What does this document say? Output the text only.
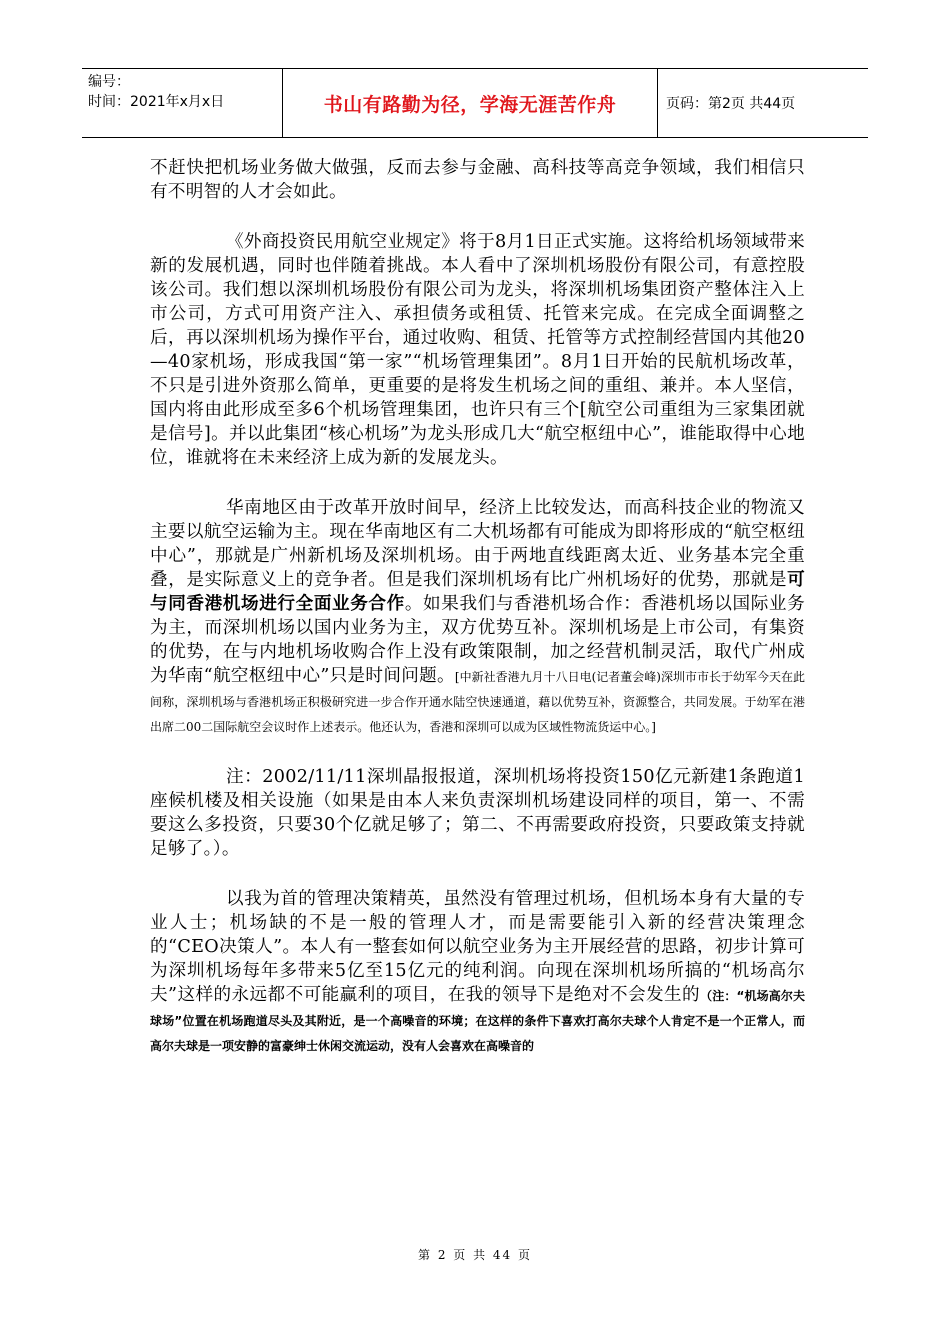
编号：
时间：2021年x月x日	书山有路勤为径，学海无涯苦作舟	页码：第2页 共44页

不赶快把机场业务做大做强，反而去参与金融、高科技等高竞争领域，我们相信只有不明智的人才会如此。

《外商投资民用航空业规定》将于8月1日正式实施。这将给机场领域带来新的发展机遇，同时也伴随着挑战。本人看中了深圳机场股份有限公司，有意控股该公司。我们想以深圳机场股份有限公司为龙头，将深圳机场集团资产整体注入上市公司，方式可用资产注入、承担债务或租赁、托管来完成。在完成全面调整之后，再以深圳机场为操作平台，通过收购、租赁、托管等方式控制经营国内其他20—40家机场，形成我国“第一家”“机场管理集团”。8月1日开始的民航机场改革，不只是引进外资那么简单，更重要的是将发生机场之间的重组、兼并。本人坚信，国内将由此形成至多6个机场管理集团，也许只有三个[航空公司重组为三家集团就是信号]。并以此集团“核心机场”为龙头形成几大“航空枢纽中心”，谁能取得中心地位，谁就将在未来经济上成为新的发展龙头。

华南地区由于改革开放时间早，经济上比较发达，而高科技企业的物流又主要以航空运输为主。现在华南地区有二大机场都有可能成为即将形成的“航空枢纽中心”，那就是广州新机场及深圳机场。由于两地直线距离太近、业务基本完全重叠，是实际意义上的竞争者。但是我们深圳机场有比广州机场好的优势，那就是可与同香港机场进行全面业务合作。如果我们与香港机场合作：香港机场以国际业务为主，而深圳机场以国内业务为主，双方优势互补。深圳机场是上市公司，有集资的优势，在与内地机场收购合作上没有政策限制，加之经营机制灵活，取代广州成为华南“航空枢纽中心”只是时间问题。[中新社香港九月十八日电(记者董会峰)深圳市市长于幼军今天在此间称，深圳机场与香港机场正积极研究进一步合作开通水陆空快速通道，藉以优势互补，资源整合，共同发展。于幼军在港出席二00二国际航空会议时作上述表示。他还认为，香港和深圳可以成为区域性物流货运中心。]

注：2002/11/11深圳晶报报道，深圳机场将投资150亿元新建1条跑道1座候机楼及相关设施（如果是由本人来负责深圳机场建设同样的项目，第一、不需要这么多投资，只要30个亿就足够了；第二、不再需要政府投资，只要政策支持就足够了。）。

以我为首的管理决策精英，虽然没有管理过机场，但机场本身有大量的专业人士；机场缺的不是一般的管理人才，而是需要能引入新的经营决策理念的“CEO决策人”。本人有一整套如何以航空业务为主开展经营的思路，初步计算可为深圳机场每年多带来5亿至15亿元的纯利润。向现在深圳机场所搞的“机场高尔夫”这样的永远都不可能赢利的项目，在我的领导下是绝对不会发生的（注：“机场高尔夫球场”位置在机场跑道尽头及其附近，是一个高噪音的环境；在这样的条件下喜欢打高尔夫球个人肯定不是一个正常人，而高尔夫球是一项安静的富豪绅士休闲交流运动，没有人会喜欢在高噪音的

第 2 页 共 44 页
